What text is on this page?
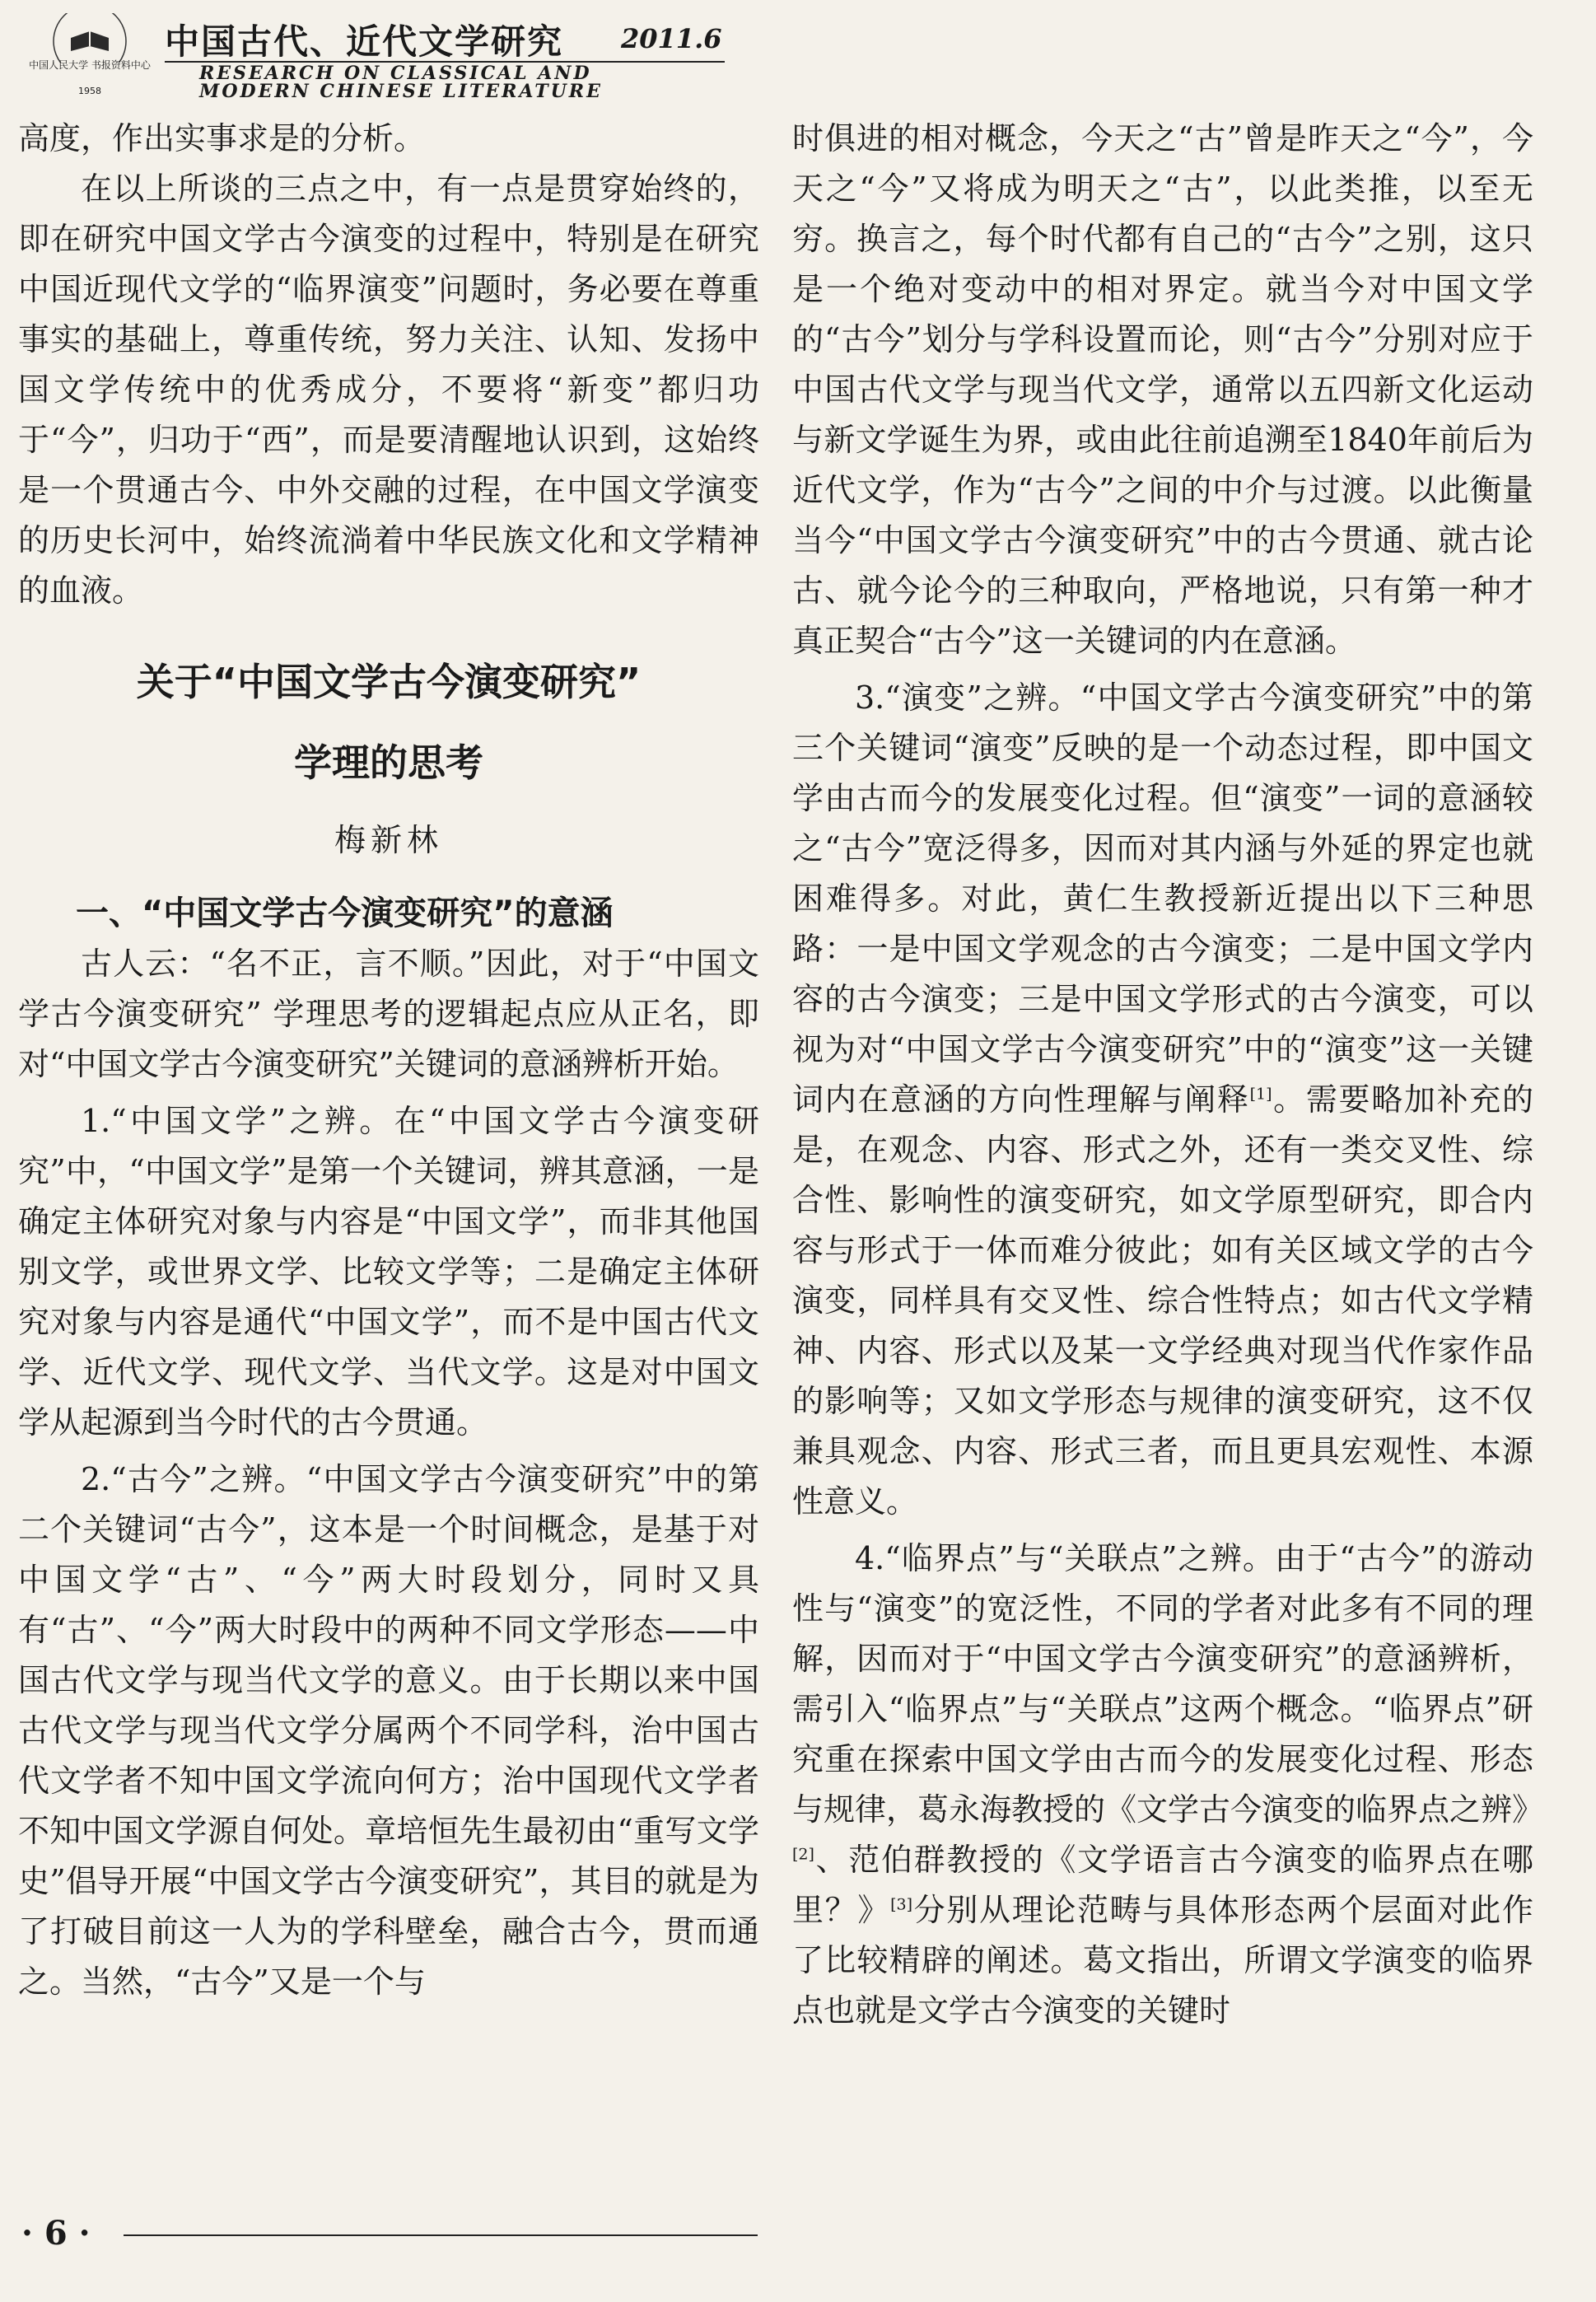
中国人民大学 书报资料中心
1958
中国古代、近代文学研究 2011.6
RESEARCH ON CLASSICAL AND
MODERN CHINESE LITERATURE

高度，作出实事求是的分析。

在以上所谈的三点之中，有一点是贯穿始终的，即在研究中国文学古今演变的过程中，特别是在研究中国近现代文学的“临界演变”问题时，务必要在尊重事实的基础上，尊重传统，努力关注、认知、发扬中国文学传统中的优秀成分，不要将“新变”都归功于“今”，归功于“西”，而是要清醒地认识到，这始终是一个贯通古今、中外交融的过程，在中国文学演变的历史长河中，始终流淌着中华民族文化和文学精神的血液。

关于“中国文学古今演变研究”

学理的思考

梅新林

一、“中国文学古今演变研究”的意涵

古人云：“名不正，言不顺。”因此，对于“中国文学古今演变研究” 学理思考的逻辑起点应从正名，即对“中国文学古今演变研究”关键词的意涵辨析开始。

1.“中国文学”之辨。在“中国文学古今演变研究”中，“中国文学”是第一个关键词，辨其意涵，一是确定主体研究对象与内容是“中国文学”，而非其他国别文学，或世界文学、比较文学等；二是确定主体研究对象与内容是通代“中国文学”，而不是中国古代文学、近代文学、现代文学、当代文学。这是对中国文学从起源到当今时代的古今贯通。

2.“古今”之辨。“中国文学古今演变研究”中的第二个关键词“古今”，这本是一个时间概念，是基于对中国文学“古”、“今”两大时段划分，同时又具有“古”、“今”两大时段中的两种不同文学形态——中国古代文学与现当代文学的意义。由于长期以来中国古代文学与现当代文学分属两个不同学科，治中国古代文学者不知中国文学流向何方；治中国现代文学者不知中国文学源自何处。章培恒先生最初由“重写文学史”倡导开展“中国文学古今演变研究”，其目的就是为了打破目前这一人为的学科壁垒，融合古今，贯而通之。当然，“古今”又是一个与

时俱进的相对概念，今天之“古”曾是昨天之“今”，今天之“今”又将成为明天之“古”，以此类推，以至无穷。换言之，每个时代都有自己的“古今”之别，这只是一个绝对变动中的相对界定。就当今对中国文学的“古今”划分与学科设置而论，则“古今”分别对应于中国古代文学与现当代文学，通常以五四新文化运动与新文学诞生为界，或由此往前追溯至1840年前后为近代文学，作为“古今”之间的中介与过渡。以此衡量当今“中国文学古今演变研究”中的古今贯通、就古论古、就今论今的三种取向，严格地说，只有第一种才真正契合“古今”这一关键词的内在意涵。

3.“演变”之辨。“中国文学古今演变研究”中的第三个关键词“演变”反映的是一个动态过程，即中国文学由古而今的发展变化过程。但“演变”一词的意涵较之“古今”宽泛得多，因而对其内涵与外延的界定也就困难得多。对此，黄仁生教授新近提出以下三种思路：一是中国文学观念的古今演变；二是中国文学内容的古今演变；三是中国文学形式的古今演变，可以视为对“中国文学古今演变研究”中的“演变”这一关键词内在意涵的方向性理解与阐释[1]。需要略加补充的是，在观念、内容、形式之外，还有一类交叉性、综合性、影响性的演变研究，如文学原型研究，即合内容与形式于一体而难分彼此；如有关区域文学的古今演变，同样具有交叉性、综合性特点；如古代文学精神、内容、形式以及某一文学经典对现当代作家作品的影响等；又如文学形态与规律的演变研究，这不仅兼具观念、内容、形式三者，而且更具宏观性、本源性意义。

4.“临界点”与“关联点”之辨。由于“古今”的游动性与“演变”的宽泛性，不同的学者对此多有不同的理解，因而对于“中国文学古今演变研究”的意涵辨析，需引入“临界点”与“关联点”这两个概念。“临界点”研究重在探索中国文学由古而今的发展变化过程、形态与规律，葛永海教授的《文学古今演变的临界点之辨》[2]、范伯群教授的《文学语言古今演变的临界点在哪里？》[3]分别从理论范畴与具体形态两个层面对此作了比较精辟的阐述。葛文指出，所谓文学演变的临界点也就是文学古今演变的关键时

· 6 ·
